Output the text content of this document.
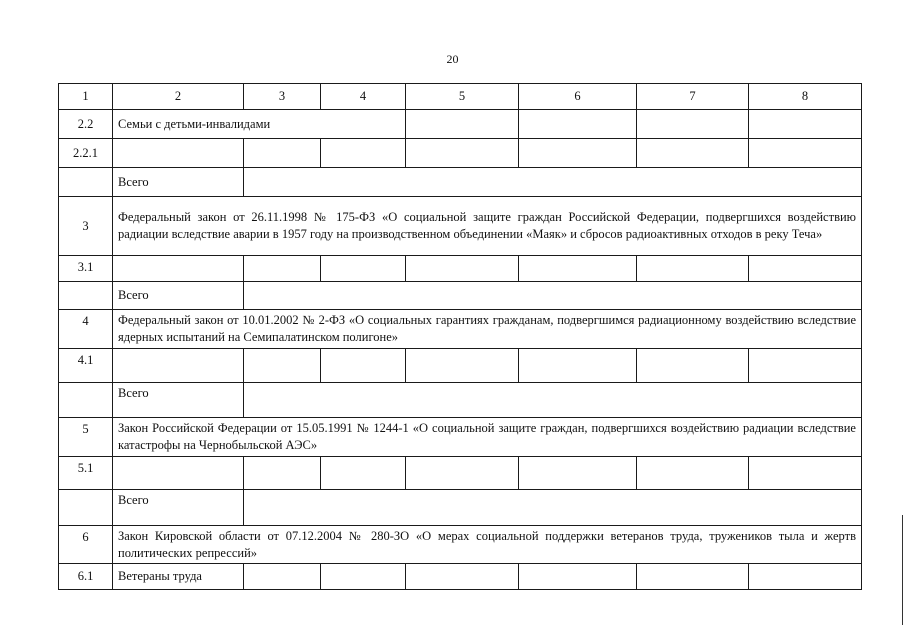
20
1	2	3	4	5	6	7	8
2.2	Семьи с детьми-инвалидами						
2.2.1							
	Всего						
3	Федеральный закон от 26.11.1998 № 175-ФЗ «О социальной защите граждан Российской Федерации, подвергшихся воздействию радиации вследствие аварии в 1957 году на производственном объединении «Маяк» и сбросов радиоактивных отходов в реку Теча»						
3.1							
	Всего						
4	Федеральный закон от 10.01.2002 № 2-ФЗ «О социальных гарантиях гражданам, подвергшимся радиационному воздействию вследствие ядерных испытаний на Семипалатинском полигоне»						
4.1							
	Всего						
5	Закон Российской Федерации от 15.05.1991 № 1244-1 «О социальной защите граждан, подвергшихся воздействию радиации вследствие катастрофы на Чернобыльской АЭС»						
5.1							
	Всего						
6	Закон Кировской области от 07.12.2004 № 280-ЗО «О мерах социальной поддержки ветеранов труда, тружеников тыла и жертв политических репрессий»						
6.1	Ветераны труда						
